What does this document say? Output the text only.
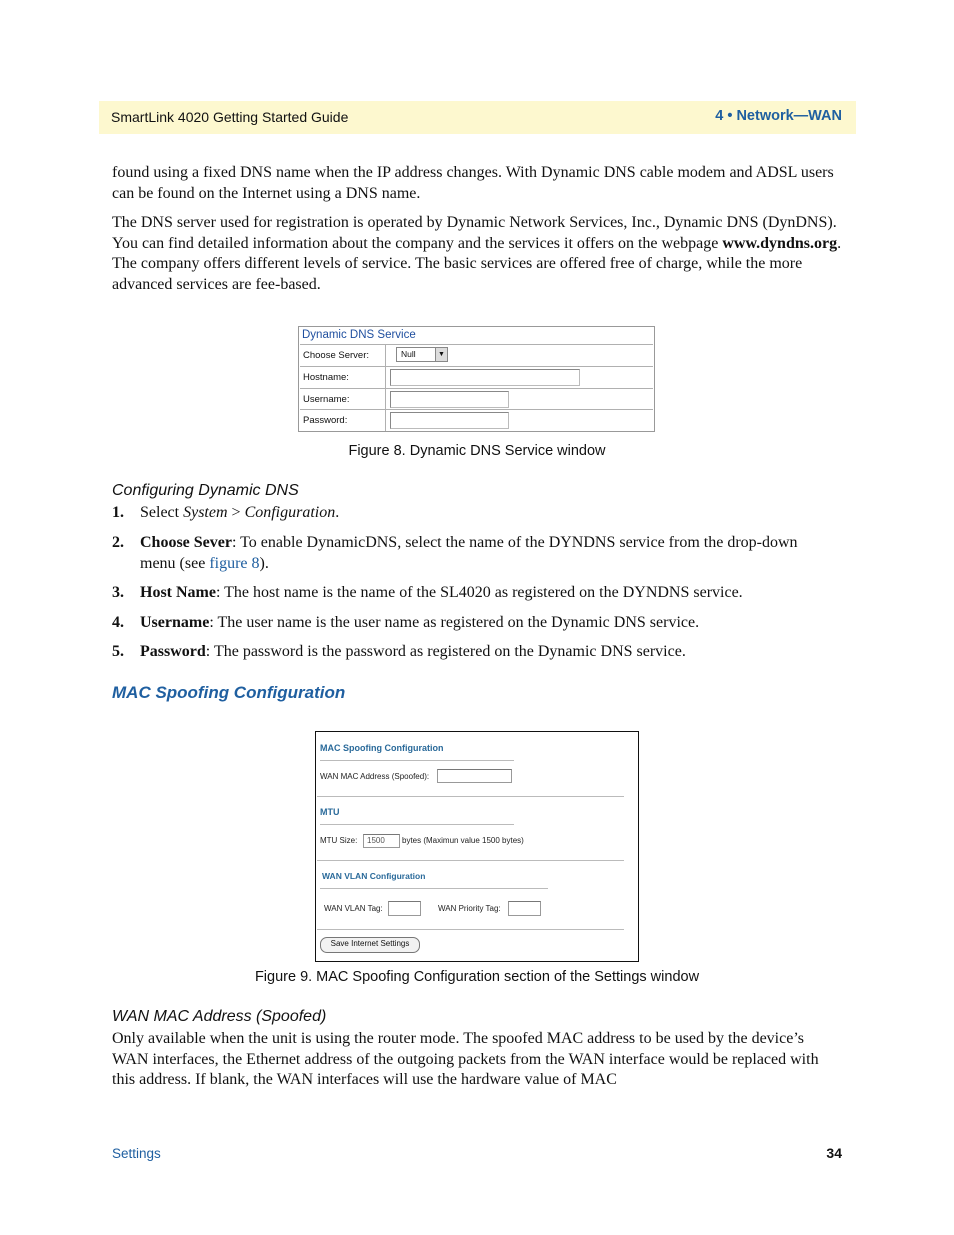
SmartLink 4020 Getting Started Guide	4 • Network—WAN
found using a fixed DNS name when the IP address changes. With Dynamic DNS cable modem and ADSL users can be found on the Internet using a DNS name.
The DNS server used for registration is operated by Dynamic Network Services, Inc., Dynamic DNS (DynDNS). You can find detailed information about the company and the services it offers on the webpage www.dyndns.org. The company offers different levels of service. The basic services are offered free of charge, while the more advanced services are fee-based.
Dynamic DNS Service
Choose Server:	Null	▼
Hostname:
Username:
Password:
Figure 8. Dynamic DNS Service window
Configuring Dynamic DNS
1. Select System > Configuration.
2. Choose Sever: To enable DynamicDNS, select the name of the DYNDNS service from the drop-down menu (see figure 8).
3. Host Name: The host name is the name of the SL4020 as registered on the DYNDNS service.
4. Username: The user name is the user name as registered on the Dynamic DNS service.
5. Password: The password is the password as registered on the Dynamic DNS service.
MAC Spoofing Configuration
MAC Spoofing Configuration
WAN MAC Address (Spoofed):
MTU
MTU Size:	1500	bytes (Maximun value 1500 bytes)
WAN VLAN Configuration
WAN VLAN Tag:	WAN Priority Tag:
Save Internet Settings
Figure 9. MAC Spoofing Configuration section of the Settings window
WAN MAC Address (Spoofed)
Only available when the unit is using the router mode. The spoofed MAC address to be used by the device’s WAN interfaces, the Ethernet address of the outgoing packets from the WAN interface would be replaced with this address. If blank, the WAN interfaces will use the hardware value of MAC
Settings	34
